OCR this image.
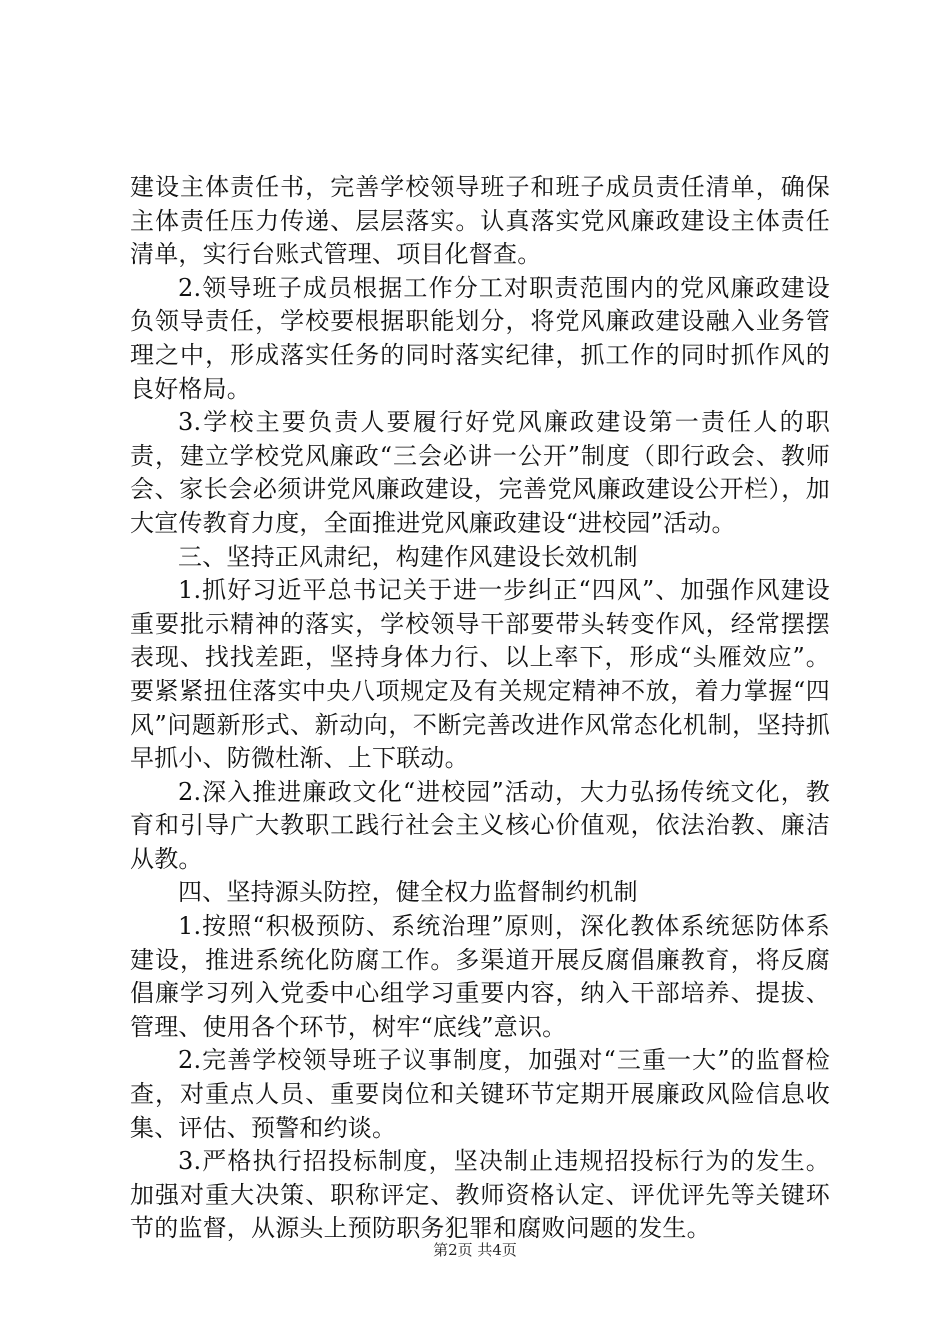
建设主体责任书，完善学校领导班子和班子成员责任清单，确保主体责任压力传递、层层落实。认真落实党风廉政建设主体责任清单，实行台账式管理、项目化督查。

2.领导班子成员根据工作分工对职责范围内的党风廉政建设负领导责任，学校要根据职能划分，将党风廉政建设融入业务管理之中，形成落实任务的同时落实纪律，抓工作的同时抓作风的良好格局。

3.学校主要负责人要履行好党风廉政建设第一责任人的职责，建立学校党风廉政“三会必讲一公开”制度（即行政会、教师会、家长会必须讲党风廉政建设，完善党风廉政建设公开栏），加大宣传教育力度，全面推进党风廉政建设“进校园”活动。

三、坚持正风肃纪，构建作风建设长效机制

1.抓好习近平总书记关于进一步纠正“四风”、加强作风建设重要批示精神的落实，学校领导干部要带头转变作风，经常摆摆表现、找找差距，坚持身体力行、以上率下，形成“头雁效应”。要紧紧扭住落实中央八项规定及有关规定精神不放，着力掌握“四风”问题新形式、新动向，不断完善改进作风常态化机制，坚持抓早抓小、防微杜渐、上下联动。

2.深入推进廉政文化“进校园”活动，大力弘扬传统文化，教育和引导广大教职工践行社会主义核心价值观，依法治教、廉洁从教。

四、坚持源头防控，健全权力监督制约机制

1.按照“积极预防、系统治理”原则，深化教体系统惩防体系建设，推进系统化防腐工作。多渠道开展反腐倡廉教育，将反腐倡廉学习列入党委中心组学习重要内容，纳入干部培养、提拔、管理、使用各个环节，树牢“底线”意识。

2.完善学校领导班子议事制度，加强对“三重一大”的监督检查，对重点人员、重要岗位和关键环节定期开展廉政风险信息收集、评估、预警和约谈。

3.严格执行招投标制度，坚决制止违规招投标行为的发生。加强对重大决策、职称评定、教师资格认定、评优评先等关键环节的监督，从源头上预防职务犯罪和腐败问题的发生。

第2页 共4页
